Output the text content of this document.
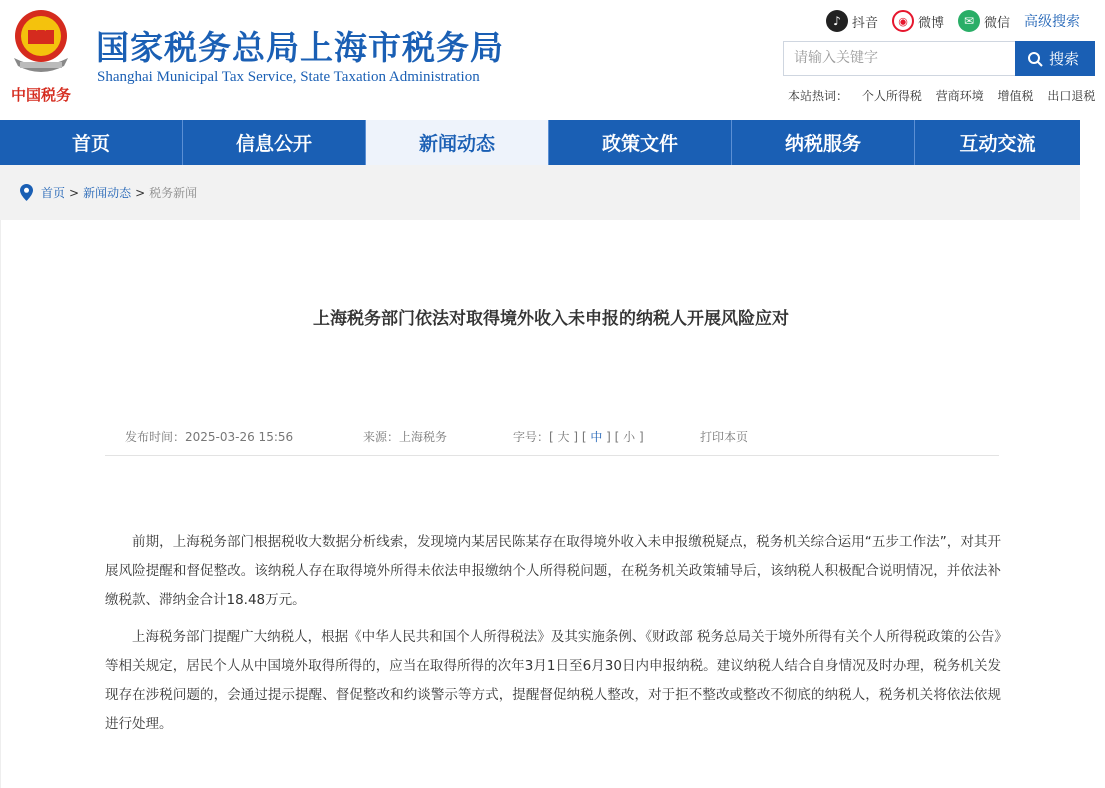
中国税务
国家税务总局上海市税务局
Shanghai Municipal Tax Service, State Taxation Administration
♪ 抖音	◉ 微博	✉ 微信 高级搜索
请输入关键字	搜索
本站热词： 个人所得税 营商环境 增值税 出口退税
首页	信息公开	新闻动态	政策文件	纳税服务	互动交流
首页 > 新闻动态 > 税务新闻
上海税务部门依法对取得境外收入未申报的纳税人开展风险应对
发布时间：2025-03-26 15:56	来源：上海税务	字号：[ 大 ] [ 中 ] [ 小 ]	打印本页

前期，上海税务部门根据税收大数据分析线索，发现境内某居民陈某存在取得境外收入未申报缴税疑点，税务机关综合运用“五步工作法”，对其开展风险提醒和督促整改。该纳税人存在取得境外所得未依法申报缴纳个人所得税问题，在税务机关政策辅导后，该纳税人积极配合说明情况，并依法补缴税款、滞纳金合计18.48万元。

上海税务部门提醒广大纳税人，根据《中华人民共和国个人所得税法》及其实施条例、《财政部 税务总局关于境外所得有关个人所得税政策的公告》等相关规定，居民个人从中国境外取得所得的，应当在取得所得的次年3月1日至6月30日内申报纳税。建议纳税人结合自身情况及时办理，税务机关发现存在涉税问题的，会通过提示提醒、督促整改和约谈警示等方式，提醒督促纳税人整改，对于拒不整改或整改不彻底的纳税人，税务机关将依法依规进行处理。
